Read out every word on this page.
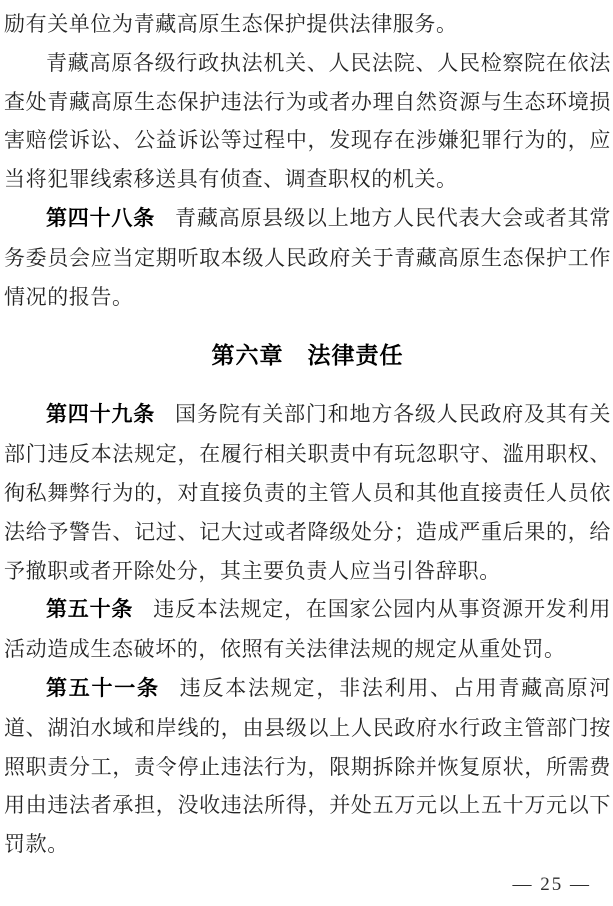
励有关单位为青藏高原生态保护提供法律服务。

青藏高原各级行政执法机关、人民法院、人民检察院在依法查处青藏高原生态保护违法行为或者办理自然资源与生态环境损害赔偿诉讼、公益诉讼等过程中，发现存在涉嫌犯罪行为的，应当将犯罪线索移送具有侦查、调查职权的机关。

第四十八条 青藏高原县级以上地方人民代表大会或者其常务委员会应当定期听取本级人民政府关于青藏高原生态保护工作情况的报告。

第六章　法律责任

第四十九条 国务院有关部门和地方各级人民政府及其有关部门违反本法规定，在履行相关职责中有玩忽职守、滥用职权、徇私舞弊行为的，对直接负责的主管人员和其他直接责任人员依法给予警告、记过、记大过或者降级处分；造成严重后果的，给予撤职或者开除处分，其主要负责人应当引咎辞职。

第五十条 违反本法规定，在国家公园内从事资源开发利用活动造成生态破坏的，依照有关法律法规的规定从重处罚。

第五十一条 违反本法规定，非法利用、占用青藏高原河道、湖泊水域和岸线的，由县级以上人民政府水行政主管部门按照职责分工，责令停止违法行为，限期拆除并恢复原状，所需费用由违法者承担，没收违法所得，并处五万元以上五十万元以下罚款。

— 25 —
